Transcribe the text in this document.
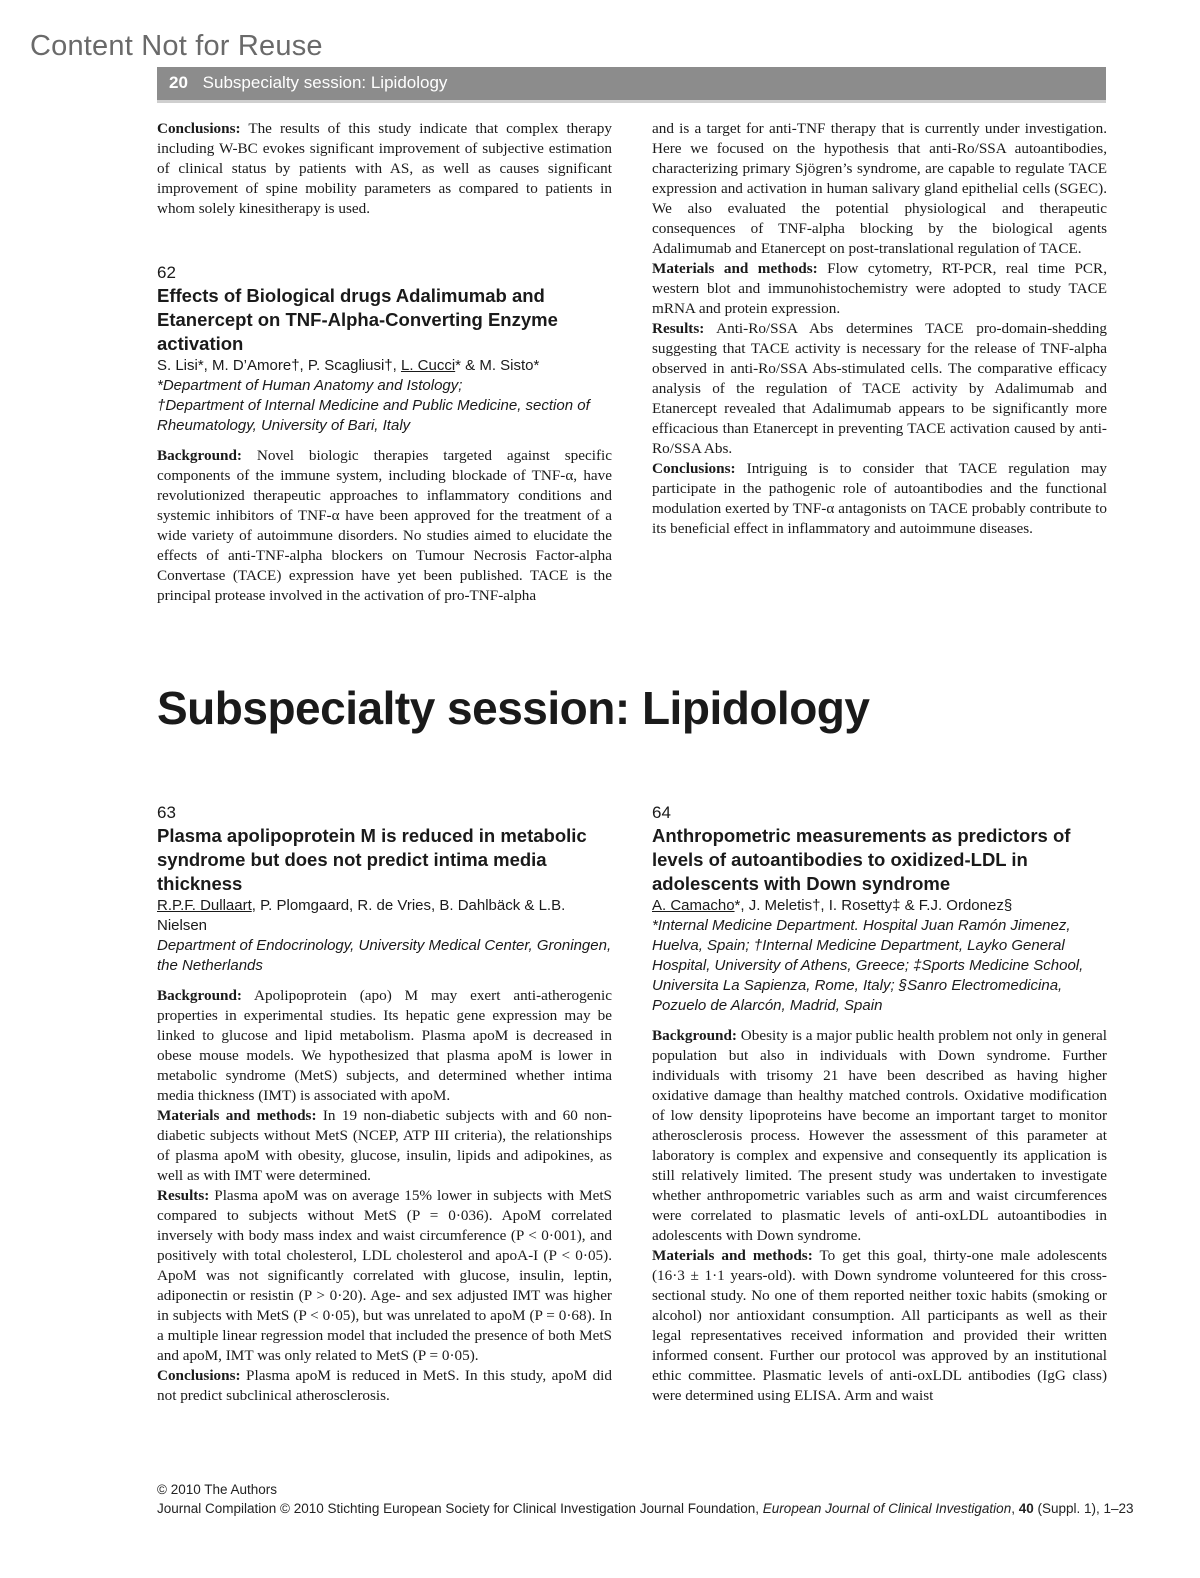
Content Not for Reuse
20 Subspecialty session: Lipidology

Conclusions: The results of this study indicate that complex therapy including W-BC evokes significant improvement of subjective estimation of clinical status by patients with AS, as well as causes significant improvement of spine mobility parameters as compared to patients in whom solely kinesitherapy is used.

62
Effects of Biological drugs Adalimumab and Etanercept on TNF-Alpha-Converting Enzyme activation
S. Lisi*, M. D’Amore†, P. Scagliusi†, L. Cucci* & M. Sisto*
*Department of Human Anatomy and Istology;
†Department of Internal Medicine and Public Medicine, section of Rheumatology, University of Bari, Italy

Background: Novel biologic therapies targeted against specific components of the immune system, including blockade of TNF-α, have revolutionized therapeutic approaches to inflammatory conditions and systemic inhibitors of TNF-α have been approved for the treatment of a wide variety of autoimmune disorders. No studies aimed to elucidate the effects of anti-TNF-alpha blockers on Tumour Necrosis Factor-alpha Convertase (TACE) expression have yet been published. TACE is the principal protease involved in the activation of pro-TNF-alpha

and is a target for anti-TNF therapy that is currently under investigation. Here we focused on the hypothesis that anti-Ro/SSA autoantibodies, characterizing primary Sjögren’s syndrome, are capable to regulate TACE expression and activation in human salivary gland epithelial cells (SGEC). We also evaluated the potential physiological and therapeutic consequences of TNF-alpha blocking by the biological agents Adalimumab and Etanercept on post-translational regulation of TACE.

Materials and methods: Flow cytometry, RT-PCR, real time PCR, western blot and immunohistochemistry were adopted to study TACE mRNA and protein expression.

Results: Anti-Ro/SSA Abs determines TACE pro-domain-shedding suggesting that TACE activity is necessary for the release of TNF-alpha observed in anti-Ro/SSA Abs-stimulated cells. The comparative efficacy analysis of the regulation of TACE activity by Adalimumab and Etanercept revealed that Adalimumab appears to be significantly more efficacious than Etanercept in preventing TACE activation caused by anti-Ro/SSA Abs.

Conclusions: Intriguing is to consider that TACE regulation may participate in the pathogenic role of autoantibodies and the functional modulation exerted by TNF-α antagonists on TACE probably contribute to its beneficial effect in inflammatory and autoimmune diseases.

Subspecialty session: Lipidology
63
Plasma apolipoprotein M is reduced in metabolic syndrome but does not predict intima media thickness
R.P.F. Dullaart, P. Plomgaard, R. de Vries, B. Dahlbäck & L.B. Nielsen
Department of Endocrinology, University Medical Center, Groningen, the Netherlands

Background: Apolipoprotein (apo) M may exert anti-atherogenic properties in experimental studies. Its hepatic gene expression may be linked to glucose and lipid metabolism. Plasma apoM is decreased in obese mouse models. We hypothesized that plasma apoM is lower in metabolic syndrome (MetS) subjects, and determined whether intima media thickness (IMT) is associated with apoM.

Materials and methods: In 19 non-diabetic subjects with and 60 non-diabetic subjects without MetS (NCEP, ATP III criteria), the relationships of plasma apoM with obesity, glucose, insulin, lipids and adipokines, as well as with IMT were determined.

Results: Plasma apoM was on average 15% lower in subjects with MetS compared to subjects without MetS (P = 0·036). ApoM correlated inversely with body mass index and waist circumference (P < 0·001), and positively with total cholesterol, LDL cholesterol and apoA-I (P < 0·05). ApoM was not significantly correlated with glucose, insulin, leptin, adiponectin or resistin (P > 0·20). Age- and sex adjusted IMT was higher in subjects with MetS (P < 0·05), but was unrelated to apoM (P = 0·68). In a multiple linear regression model that included the presence of both MetS and apoM, IMT was only related to MetS (P = 0·05).

Conclusions: Plasma apoM is reduced in MetS. In this study, apoM did not predict subclinical atherosclerosis.

64
Anthropometric measurements as predictors of levels of autoantibodies to oxidized-LDL in adolescents with Down syndrome
A. Camacho*, J. Meletis†, I. Rosetty‡ & F.J. Ordonez§
*Internal Medicine Department. Hospital Juan Ramón Jimenez, Huelva, Spain; †Internal Medicine Department, Layko General Hospital, University of Athens, Greece; ‡Sports Medicine School, Universita La Sapienza, Rome, Italy; §Sanro Electromedicina, Pozuelo de Alarcón, Madrid, Spain

Background: Obesity is a major public health problem not only in general population but also in individuals with Down syndrome. Further individuals with trisomy 21 have been described as having higher oxidative damage than healthy matched controls. Oxidative modification of low density lipoproteins have become an important target to monitor atherosclerosis process. However the assessment of this parameter at laboratory is complex and expensive and consequently its application is still relatively limited. The present study was undertaken to investigate whether anthropometric variables such as arm and waist circumferences were correlated to plasmatic levels of anti-oxLDL autoantibodies in adolescents with Down syndrome.

Materials and methods: To get this goal, thirty-one male adolescents (16·3 ± 1·1 years-old). with Down syndrome volunteered for this cross-sectional study. No one of them reported neither toxic habits (smoking or alcohol) nor antioxidant consumption. All participants as well as their legal representatives received information and provided their written informed consent. Further our protocol was approved by an institutional ethic committee. Plasmatic levels of anti-oxLDL antibodies (IgG class) were determined using ELISA. Arm and waist

© 2010 The Authors
Journal Compilation © 2010 Stichting European Society for Clinical Investigation Journal Foundation, European Journal of Clinical Investigation, 40 (Suppl. 1), 1–23
